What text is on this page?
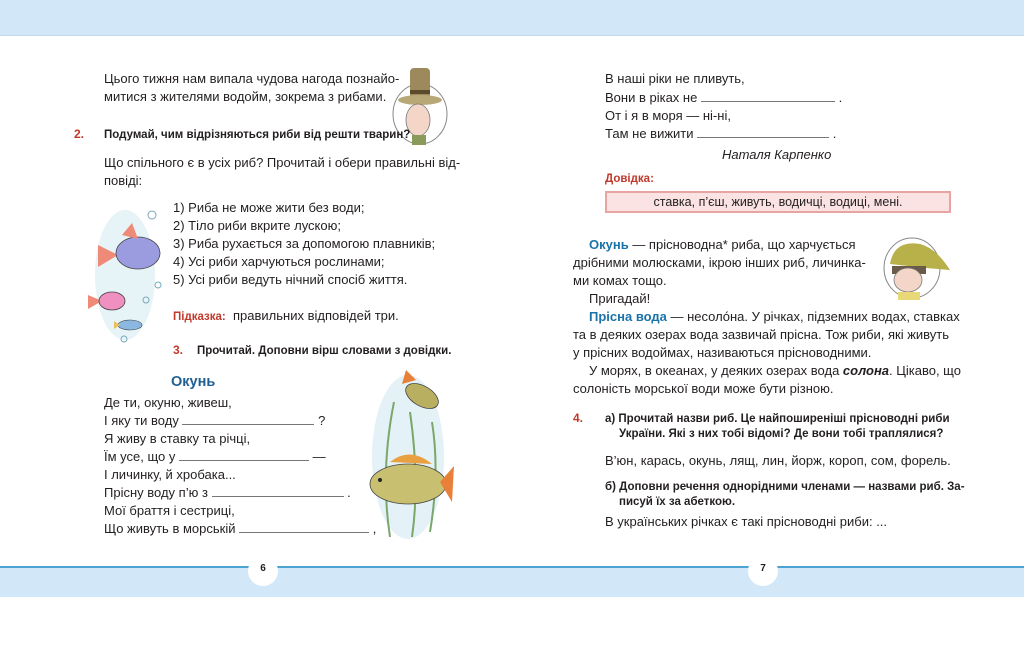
Цього тижня нам випала чудова нагода познайо-
митися з жителями водойм, зокрема з рибами.
2. Подумай, чим відрізняються риби від решти тварин?
Що спільного є в усіх риб? Прочитай і обери правильні від-
повіді:
1) Риба не може жити без води;
2) Тіло риби вкрите лускою;
3) Риба рухається за допомогою плавників;
4) Усі риби харчуються рослинами;
5) Усі риби ведуть нічний спосіб життя.
Підказка: правильних відповідей три.
3. Прочитай. Доповни вірш словами з довідки.
Окунь
Де ти, окуню, живеш,
І яку ти воду	?
Я живу в ставку та річці,
Їм усе, що у	—
І личинку, й хробака...
Прісну воду п’ю з	.
Мої браття і сестриці,
Що живуть в морській	,
В наші ріки не пливуть,
Вони в ріках не	.
От і я в моря — ні-ні,
Там не вижити	.
Наталя Карпенко
Довідка:
ставка, п’єш, живуть, водичці, водиці, мені.
Окунь — прісноводна* риба, що харчується
дрібними молюсками, ікрою інших риб, личинка-
ми комах тощо.
Пригадай!
Прісна вода — несолóна. У річках, підземних водах, ставках
та в деяких озерах вода зазвичай прісна. Тож риби, які живуть
у прісних водоймах, називаються прісноводними.
У морях, в океанах, у деяких озерах вода солона. Цікаво, що
солоність морської води може бути різною.
4. а) Прочитай назви риб. Це найпоширеніші прісноводні риби
України. Які з них тобі відомі? Де вони тобі траплялися?
В’юн, карась, окунь, лящ, лин, йорж, короп, сом, форель.
б) Доповни речення однорідними членами — назвами риб. За-
писуй їх за абеткою.
В українських річках є такі прісноводні риби: ...
6	7
